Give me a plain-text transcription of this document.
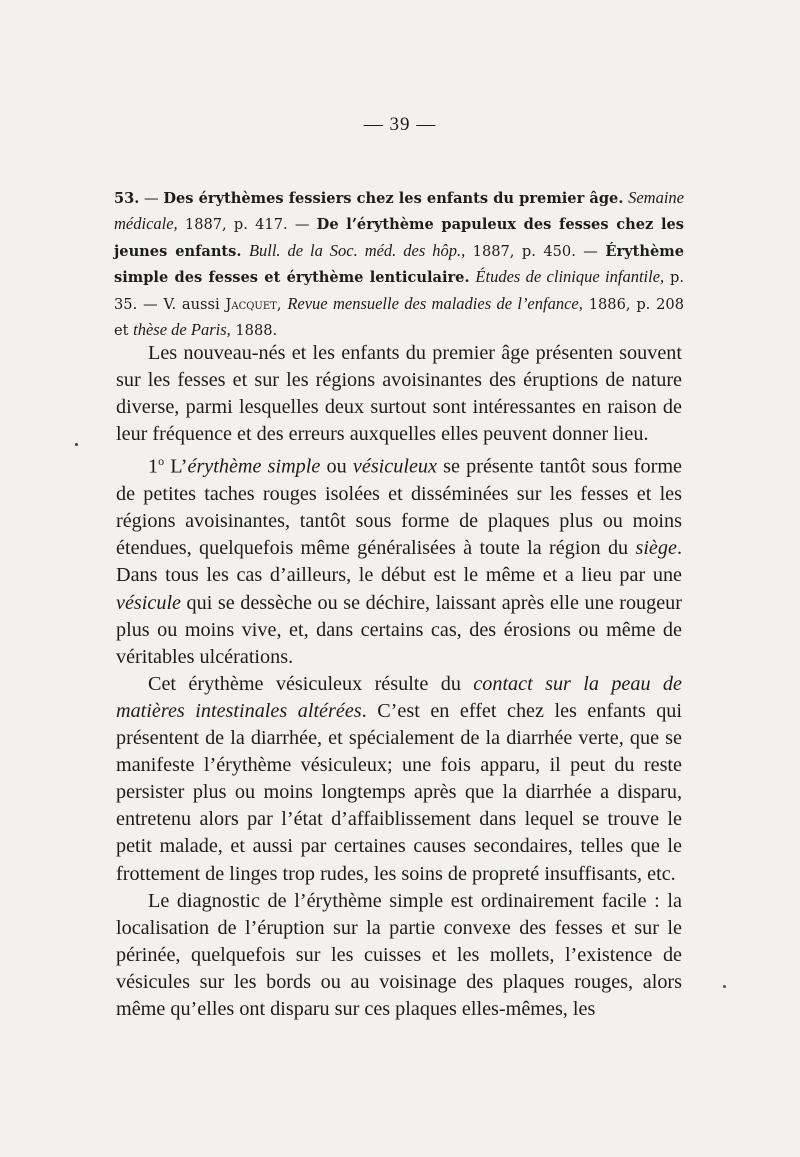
— 39 —
53. — Des érythèmes fessiers chez les enfants du premier âge. Semaine médicale, 1887, p. 417. — De l’érythème papuleux des fesses chez les jeunes enfants. Bull. de la Soc. méd. des hôp., 1887, p. 450. — Érythème simple des fesses et érythème lenticulaire. Études de clinique infantile, p. 35. — V. aussi Jacquet, Revue mensuelle des maladies de l’enfance, 1886, p. 208 et thèse de Paris, 1888.

Les nouveau-nés et les enfants du premier âge présenten souvent sur les fesses et sur les régions avoisinantes des éruptions de nature diverse, parmi lesquelles deux surtout sont intéressantes en raison de leur fréquence et des erreurs auxquelles elles peuvent donner lieu.

1$^o$ L’érythème simple ou vésiculeux se présente tantôt sous forme de petites taches rouges isolées et disséminées sur les fesses et les régions avoisinantes, tantôt sous forme de plaques plus ou moins étendues, quelquefois même généralisées à toute la région du siège. Dans tous les cas d’ailleurs, le début est le même et a lieu par une vésicule qui se dessèche ou se déchire, laissant après elle une rougeur plus ou moins vive, et, dans certains cas, des érosions ou même de véritables ulcérations.

Cet érythème vésiculeux résulte du contact sur la peau de matières intestinales altérées. C’est en effet chez les enfants qui présentent de la diarrhée, et spécialement de la diarrhée verte, que se manifeste l’érythème vésiculeux; une fois apparu, il peut du reste persister plus ou moins longtemps après que la diarrhée a disparu, entretenu alors par l’état d’affaiblissement dans lequel se trouve le petit malade, et aussi par certaines causes secondaires, telles que le frottement de linges trop rudes, les soins de propreté insuffisants, etc.

Le diagnostic de l’érythème simple est ordinairement facile : la localisation de l’éruption sur la partie convexe des fesses et sur le périnée, quelquefois sur les cuisses et les mollets, l’existence de vésicules sur les bords ou au voisinage des plaques rouges, alors même qu’elles ont disparu sur ces plaques elles-mêmes, les
